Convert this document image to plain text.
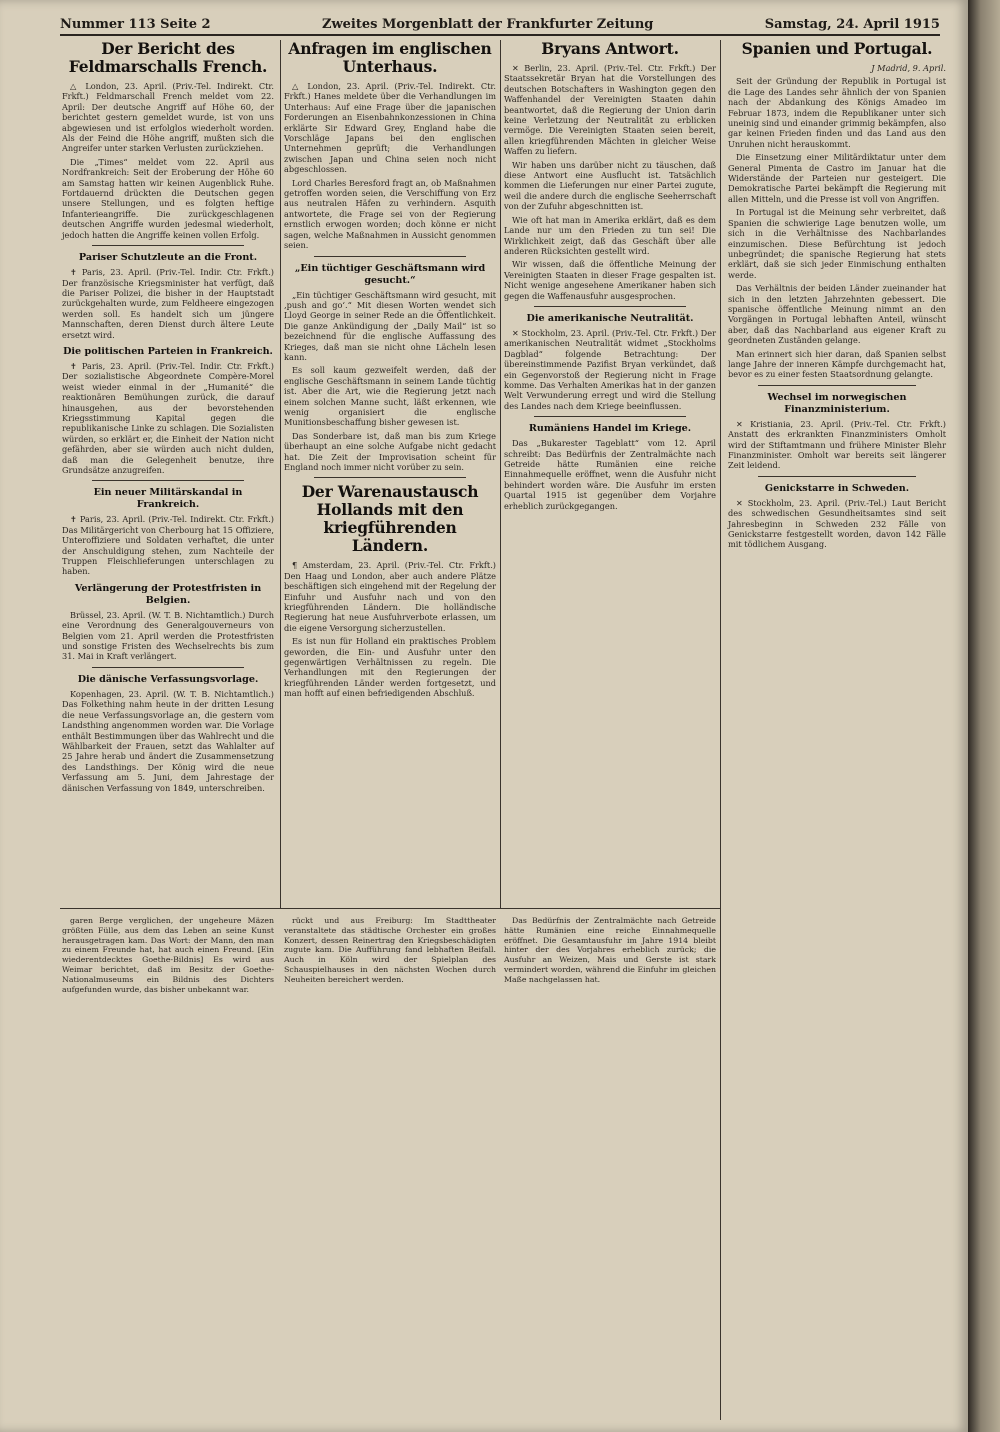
Nummer 113 Seite 2	Zweites Morgenblatt der Frankfurter Zeitung	Samstag, 24. April 1915
Der Bericht des Feldmarschalls French.

△ London, 23. April. (Priv.-Tel. Indirekt. Ctr. Frkft.) Feldmarschall French meldet vom 22. April: Der deutsche Angriff auf Höhe 60, der berichtet gestern gemeldet wurde, ist von uns abgewiesen und ist erfolglos wiederholt worden. Als der Feind die Höhe angriff, mußten sich die Angreifer unter starken Verlusten zurückziehen.

Die „Times“ meldet vom 22. April aus Nordfrankreich: Seit der Eroberung der Höhe 60 am Samstag hatten wir keinen Augenblick Ruhe. Fortdauernd drückten die Deutschen gegen unsere Stellungen, und es folgten heftige Infanterieangriffe. Die zurückgeschlagenen deutschen Angriffe wurden jedesmal wiederholt, jedoch hatten die Angriffe keinen vollen Erfolg.

Pariser Schutzleute an die Front.

✝ Paris, 23. April. (Priv.-Tel. Indir. Ctr. Frkft.) Der französische Kriegsminister hat verfügt, daß die Pariser Polizei, die bisher in der Hauptstadt zurückgehalten wurde, zum Feldheere eingezogen werden soll. Es handelt sich um jüngere Mannschaften, deren Dienst durch ältere Leute ersetzt wird.

Die politischen Parteien in Frankreich.

✝ Paris, 23. April. (Priv.-Tel. Indir. Ctr. Frkft.) Der sozialistische Abgeordnete Compère-Morel weist wieder einmal in der „Humanité“ die reaktionären Bemühungen zurück, die darauf hinausgehen, aus der bevorstehenden Kriegsstimmung Kapital gegen die republikanische Linke zu schlagen. Die Sozialisten würden, so erklärt er, die Einheit der Nation nicht gefährden, aber sie würden auch nicht dulden, daß man die Gelegenheit benutze, ihre Grundsätze anzugreifen.

Ein neuer Militärskandal in Frankreich.

✝ Paris, 23. April. (Priv.-Tel. Indirekt. Ctr. Frkft.) Das Militärgericht von Cherbourg hat 15 Offiziere, Unteroffiziere und Soldaten verhaftet, die unter der Anschuldigung stehen, zum Nachteile der Truppen Fleischlieferungen unterschlagen zu haben.

Verlängerung der Protestfristen in Belgien.

Brüssel, 23. April. (W. T. B. Nichtamtlich.) Durch eine Verordnung des Generalgouverneurs von Belgien vom 21. April werden die Protestfristen und sonstige Fristen des Wechselrechts bis zum 31. Mai in Kraft verlängert.

Die dänische Verfassungsvorlage.

Kopenhagen, 23. April. (W. T. B. Nichtamtlich.) Das Folkething nahm heute in der dritten Lesung die neue Verfassungsvorlage an, die gestern vom Landsthing angenommen worden war. Die Vorlage enthält Bestimmungen über das Wahlrecht und die Wählbarkeit der Frauen, setzt das Wahlalter auf 25 Jahre herab und ändert die Zusammensetzung des Landsthings. Der König wird die neue Verfassung am 5. Juni, dem Jahrestage der dänischen Verfassung von 1849, unterschreiben.

Anfragen im englischen Unterhaus.

△ London, 23. April. (Priv.-Tel. Indirekt. Ctr. Frkft.) Hanes meldete über die Verhandlungen im Unterhaus: Auf eine Frage über die japanischen Forderungen an Eisenbahnkonzessionen in China erklärte Sir Edward Grey, England habe die Vorschläge Japans bei den englischen Unternehmen geprüft; die Verhandlungen zwischen Japan und China seien noch nicht abgeschlossen.

Lord Charles Beresford fragt an, ob Maßnahmen getroffen worden seien, die Verschiffung von Erz aus neutralen Häfen zu verhindern. Asquith antwortete, die Frage sei von der Regierung ernstlich erwogen worden; doch könne er nicht sagen, welche Maßnahmen in Aussicht genommen seien.

„Ein tüchtiger Geschäftsmann wird gesucht.“

„Ein tüchtiger Geschäftsmann wird gesucht, mit ‚push and go‘.“ Mit diesen Worten wendet sich Lloyd George in seiner Rede an die Öffentlichkeit. Die ganze Ankündigung der „Daily Mail“ ist so bezeichnend für die englische Auffassung des Krieges, daß man sie nicht ohne Lächeln lesen kann.

Es soll kaum gezweifelt werden, daß der englische Geschäftsmann in seinem Lande tüchtig ist. Aber die Art, wie die Regierung jetzt nach einem solchen Manne sucht, läßt erkennen, wie wenig organisiert die englische Munitionsbeschaffung bisher gewesen ist.

Das Sonderbare ist, daß man bis zum Kriege überhaupt an eine solche Aufgabe nicht gedacht hat. Die Zeit der Improvisation scheint für England noch immer nicht vorüber zu sein.

Der Warenaustausch Hollands mit den kriegführenden Ländern.

¶ Amsterdam, 23. April. (Priv.-Tel. Ctr. Frkft.) Den Haag und London, aber auch andere Plätze beschäftigen sich eingehend mit der Regelung der Einfuhr und Ausfuhr nach und von den kriegführenden Ländern. Die holländische Regierung hat neue Ausfuhrverbote erlassen, um die eigene Versorgung sicherzustellen.

Es ist nun für Holland ein praktisches Problem geworden, die Ein- und Ausfuhr unter den gegenwärtigen Verhältnissen zu regeln. Die Verhandlungen mit den Regierungen der kriegführenden Länder werden fortgesetzt, und man hofft auf einen befriedigenden Abschluß.

Bryans Antwort.

✕ Berlin, 23. April. (Priv.-Tel. Ctr. Frkft.) Der Staatssekretär Bryan hat die Vorstellungen des deutschen Botschafters in Washington gegen den Waffenhandel der Vereinigten Staaten dahin beantwortet, daß die Regierung der Union darin keine Verletzung der Neutralität zu erblicken vermöge. Die Vereinigten Staaten seien bereit, allen kriegführenden Mächten in gleicher Weise Waffen zu liefern.

Wir haben uns darüber nicht zu täuschen, daß diese Antwort eine Ausflucht ist. Tatsächlich kommen die Lieferungen nur einer Partei zugute, weil die andere durch die englische Seeherrschaft von der Zufuhr abgeschnitten ist.

Wie oft hat man in Amerika erklärt, daß es dem Lande nur um den Frieden zu tun sei! Die Wirklichkeit zeigt, daß das Geschäft über alle anderen Rücksichten gestellt wird.

Wir wissen, daß die öffentliche Meinung der Vereinigten Staaten in dieser Frage gespalten ist. Nicht wenige angesehene Amerikaner haben sich gegen die Waffenausfuhr ausgesprochen.

Die amerikanische Neutralität.

✕ Stockholm, 23. April. (Priv.-Tel. Ctr. Frkft.) Der amerikanischen Neutralität widmet „Stockholms Dagblad“ folgende Betrachtung: Der übereinstimmende Pazifist Bryan verkündet, daß ein Gegenvorstoß der Regierung nicht in Frage komme. Das Verhalten Amerikas hat in der ganzen Welt Verwunderung erregt und wird die Stellung des Landes nach dem Kriege beeinflussen.

Rumäniens Handel im Kriege.

Das „Bukarester Tageblatt“ vom 12. April schreibt: Das Bedürfnis der Zentralmächte nach Getreide hätte Rumänien eine reiche Einnahmequelle eröffnet, wenn die Ausfuhr nicht behindert worden wäre. Die Ausfuhr im ersten Quartal 1915 ist gegenüber dem Vorjahre erheblich zurückgegangen.

Spanien und Portugal.
J Madrid, 9. April.

Seit der Gründung der Republik in Portugal ist die Lage des Landes sehr ähnlich der von Spanien nach der Abdankung des Königs Amadeo im Februar 1873, indem die Republikaner unter sich uneinig sind und einander grimmig bekämpfen, also gar keinen Frieden finden und das Land aus den Unruhen nicht herauskommt.

Die Einsetzung einer Militärdiktatur unter dem General Pimenta de Castro im Januar hat die Widerstände der Parteien nur gesteigert. Die Demokratische Partei bekämpft die Regierung mit allen Mitteln, und die Presse ist voll von Angriffen.

In Portugal ist die Meinung sehr verbreitet, daß Spanien die schwierige Lage benutzen wolle, um sich in die Verhältnisse des Nachbarlandes einzumischen. Diese Befürchtung ist jedoch unbegründet; die spanische Regierung hat stets erklärt, daß sie sich jeder Einmischung enthalten werde.

Das Verhältnis der beiden Länder zueinander hat sich in den letzten Jahrzehnten gebessert. Die spanische öffentliche Meinung nimmt an den Vorgängen in Portugal lebhaften Anteil, wünscht aber, daß das Nachbarland aus eigener Kraft zu geordneten Zuständen gelange.

Man erinnert sich hier daran, daß Spanien selbst lange Jahre der inneren Kämpfe durchgemacht hat, bevor es zu einer festen Staatsordnung gelangte.

Wechsel im norwegischen Finanzministerium.

✕ Kristiania, 23. April. (Priv.-Tel. Ctr. Frkft.) Anstatt des erkrankten Finanzministers Omholt wird der Stiftamtmann und frühere Minister Blehr Finanzminister. Omholt war bereits seit längerer Zeit leidend.

Genickstarre in Schweden.

✕ Stockholm, 23. April. (Priv.-Tel.) Laut Bericht des schwedischen Gesundheitsamtes sind seit Jahresbeginn in Schweden 232 Fälle von Genickstarre festgestellt worden, davon 142 Fälle mit tödlichem Ausgang.

garen Berge verglichen, der ungeheure Mäzen größten Fülle, aus dem das Leben an seine Kunst herausgetragen kam. Das Wort: der Mann, den man zu einem Freunde hat, hat auch einen Freund. [Ein wiederentdecktes Goethe-Bildnis] Es wird aus Weimar berichtet, daß im Besitz der Goethe-Nationalmuseums ein Bildnis des Dichters aufgefunden wurde, das bisher unbekannt war.

rückt und aus Freiburg: Im Stadttheater veranstaltete das städtische Orchester ein großes Konzert, dessen Reinertrag den Kriegsbeschädigten zugute kam. Die Aufführung fand lebhaften Beifall. Auch in Köln wird der Spielplan des Schauspielhauses in den nächsten Wochen durch Neuheiten bereichert werden.

Das Bedürfnis der Zentralmächte nach Getreide hätte Rumänien eine reiche Einnahmequelle eröffnet. Die Gesamtausfuhr im Jahre 1914 bleibt hinter der des Vorjahres erheblich zurück; die Ausfuhr an Weizen, Mais und Gerste ist stark vermindert worden, während die Einfuhr im gleichen Maße nachgelassen hat.
